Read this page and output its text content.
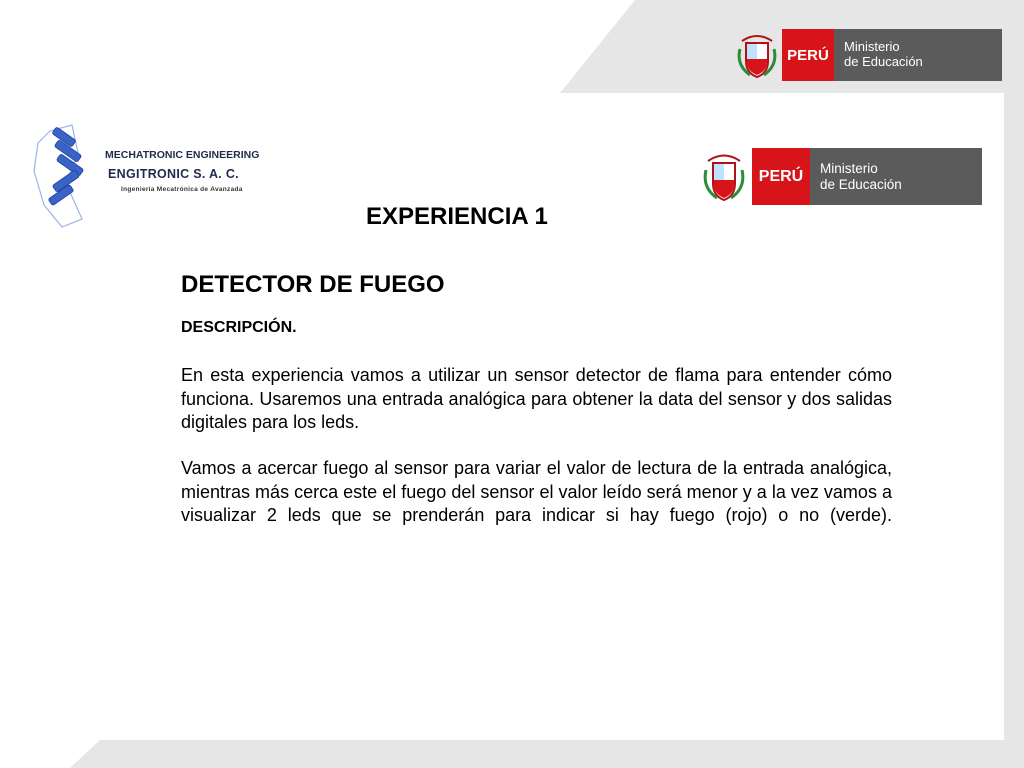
PERÚ	Ministerio
de Educación
MECHATRONIC ENGINEERING
ENGITRONIC S. A. C.
Ingeniería Mecatrónica de Avanzada
PERÚ	Ministerio
de Educación
EXPERIENCIA 1
DETECTOR DE FUEGO
DESCRIPCIÓN.

En esta experiencia vamos a utilizar un sensor detector de flama para entender cómo funciona. Usaremos una entrada analógica para obtener la data del sensor y dos salidas digitales para los leds.

Vamos a acercar fuego al sensor para variar el valor de lectura de la entrada analógica, mientras más cerca este el fuego del sensor el valor leído será menor y a la vez vamos a visualizar 2 leds que se prenderán para indicar si hay fuego (rojo) o no (verde).
